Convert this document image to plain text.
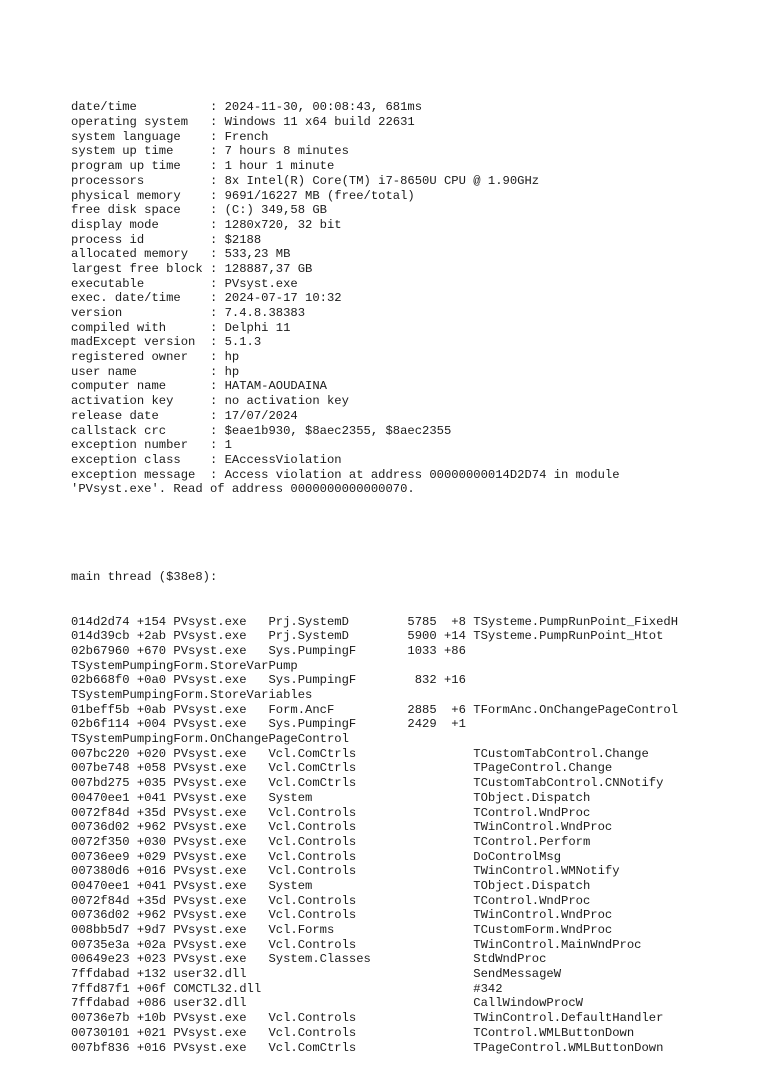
date/time          : 2024-11-30, 00:08:43, 681ms
operating system   : Windows 11 x64 build 22631
system language    : French
system up time     : 7 hours 8 minutes
program up time    : 1 hour 1 minute
processors         : 8x Intel(R) Core(TM) i7-8650U CPU @ 1.90GHz
physical memory    : 9691/16227 MB (free/total)
free disk space    : (C:) 349,58 GB
display mode       : 1280x720, 32 bit
process id         : $2188
allocated memory   : 533,23 MB
largest free block : 128887,37 GB
executable         : PVsyst.exe
exec. date/time    : 2024-07-17 10:32
version            : 7.4.8.38383
compiled with      : Delphi 11
madExcept version  : 5.1.3
registered owner   : hp
user name          : hp
computer name      : HATAM-AOUDAINA
activation key     : no activation key
release date       : 17/07/2024
callstack crc      : $eae1b930, $8aec2355, $8aec2355
exception number   : 1
exception class    : EAccessViolation
exception message  : Access violation at address 00000000014D2D74 in module
'PVsyst.exe'. Read of address 0000000000000070.

main thread ($38e8):

014d2d74 +154 PVsyst.exe   Prj.SystemD        5785  +8 TSysteme.PumpRunPoint_FixedH
014d39cb +2ab PVsyst.exe   Prj.SystemD        5900 +14 TSysteme.PumpRunPoint_Htot
02b67960 +670 PVsyst.exe   Sys.PumpingF       1033 +86
TSystemPumpingForm.StoreVarPump
02b668f0 +0a0 PVsyst.exe   Sys.PumpingF        832 +16
TSystemPumpingForm.StoreVariables
01beff5b +0ab PVsyst.exe   Form.AncF          2885  +6 TFormAnc.OnChangePageControl
02b6f114 +004 PVsyst.exe   Sys.PumpingF       2429  +1
TSystemPumpingForm.OnChangePageControl
007bc220 +020 PVsyst.exe   Vcl.ComCtrls                TCustomTabControl.Change
007be748 +058 PVsyst.exe   Vcl.ComCtrls                TPageControl.Change
007bd275 +035 PVsyst.exe   Vcl.ComCtrls                TCustomTabControl.CNNotify
00470ee1 +041 PVsyst.exe   System                      TObject.Dispatch
0072f84d +35d PVsyst.exe   Vcl.Controls                TControl.WndProc
00736d02 +962 PVsyst.exe   Vcl.Controls                TWinControl.WndProc
0072f350 +030 PVsyst.exe   Vcl.Controls                TControl.Perform
00736ee9 +029 PVsyst.exe   Vcl.Controls                DoControlMsg
007380d6 +016 PVsyst.exe   Vcl.Controls                TWinControl.WMNotify
00470ee1 +041 PVsyst.exe   System                      TObject.Dispatch
0072f84d +35d PVsyst.exe   Vcl.Controls                TControl.WndProc
00736d02 +962 PVsyst.exe   Vcl.Controls                TWinControl.WndProc
008bb5d7 +9d7 PVsyst.exe   Vcl.Forms                   TCustomForm.WndProc
00735e3a +02a PVsyst.exe   Vcl.Controls                TWinControl.MainWndProc
00649e23 +023 PVsyst.exe   System.Classes              StdWndProc
7ffdabad +132 user32.dll                               SendMessageW
7ffd87f1 +06f COMCTL32.dll                             #342
7ffdabad +086 user32.dll                               CallWindowProcW
00736e7b +10b PVsyst.exe   Vcl.Controls                TWinControl.DefaultHandler
00730101 +021 PVsyst.exe   Vcl.Controls                TControl.WMLButtonDown
007bf836 +016 PVsyst.exe   Vcl.ComCtrls                TPageControl.WMLButtonDown
